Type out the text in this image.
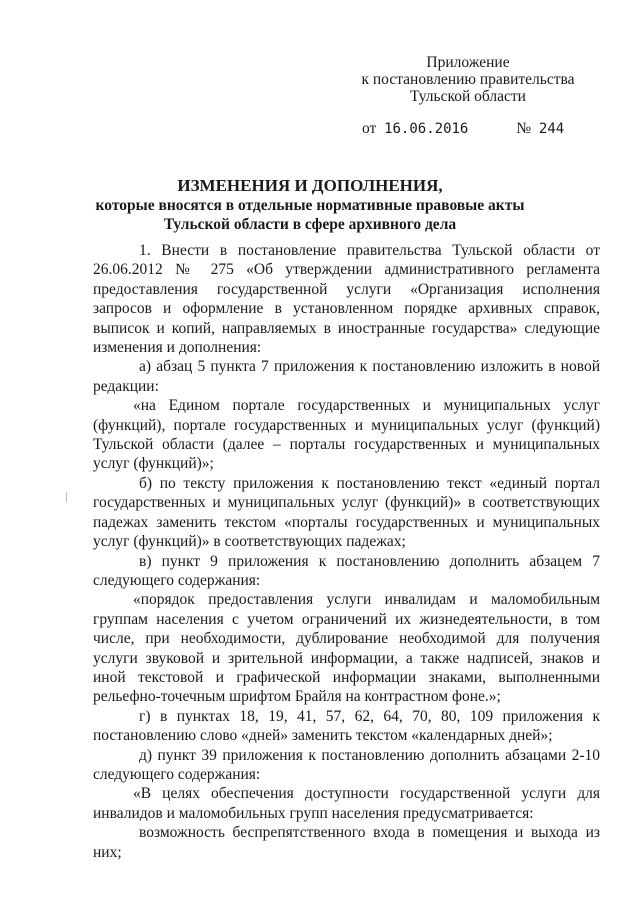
Приложение
к постановлению правительства
Тульской области
от 16.06.2016	№ 244
ИЗМЕНЕНИЯ И ДОПОЛНЕНИЯ,
которые вносятся в отдельные нормативные правовые акты
Тульской области в сфере архивного дела

1. Внести в постановление правительства Тульской области от 26.06.2012 № 275 «Об утверждении административного регламента предоставления государственной услуги «Организация исполнения запросов и оформление в установленном порядке архивных справок, выписок и копий, направляемых в иностранные государства» следующие изменения и дополнения:

а) абзац 5 пункта 7 приложения к постановлению изложить в новой редакции:

«на Едином портале государственных и муниципальных услуг (функций), портале государственных и муниципальных услуг (функций) Тульской области (далее – порталы государственных и муниципальных услуг (функций)»;

б) по тексту приложения к постановлению текст «единый портал государственных и муниципальных услуг (функций)» в соответствующих падежах заменить текстом «порталы государственных и муниципальных услуг (функций)» в соответствующих падежах;

в) пункт 9 приложения к постановлению дополнить абзацем 7 следующего содержания:

«порядок предоставления услуги инвалидам и маломобильным группам населения с учетом ограничений их жизнедеятельности, в том числе, при необходимости, дублирование необходимой для получения услуги звуковой и зрительной информации, а также надписей, знаков и иной текстовой и графической информации знаками, выполненными рельефно-точечным шрифтом Брайля на контрастном фоне.»;

г) в пунктах 18, 19, 41, 57, 62, 64, 70, 80, 109 приложения к постановлению слово «дней» заменить текстом «календарных дней»;

д) пункт 39 приложения к постановлению дополнить абзацами 2-10 следующего содержания:

«В целях обеспечения доступности государственной услуги для инвалидов и маломобильных групп населения предусматривается:

возможность беспрепятственного входа в помещения и выхода из них;
